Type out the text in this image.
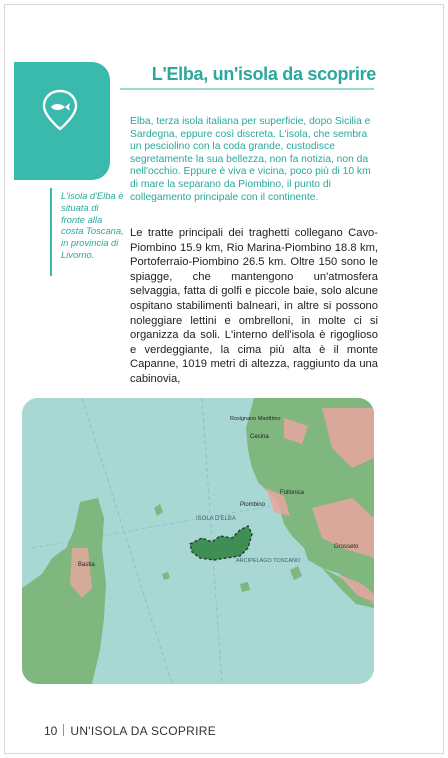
L'Elba, un'isola da scoprire
Elba, terza isola italiana per superficie, dopo Sicilia e Sardegna, eppure così discreta. L'isola, che sembra un pesciolino con la coda grande, custodisce segretamente la sua bellezza, non fa notizia, non da nell'occhio. Eppure è viva e vicina, poco più di 10 km di mare la separano da Piombino, il punto di collegamento principale con il continente.
L'isola d'Elba è situata di fronte alla costa Toscana, in provincia di Livorno.
Le tratte principali dei traghetti collegano Cavo-Piombino 15.9 km, Rio Marina-Piombino 18.8 km, Portoferraio-Piombino 26.5 km. Oltre 150 sono le spiagge, che mantengono un'atmosfera selvaggia, fatta di golfi e piccole baie, solo alcune ospitano stabilimenti balneari, in altre si possono noleggiare lettini e ombrelloni, in molte ci si organizza da soli. L'interno dell'isola è rigoglioso e verdeggiante, la cima più alta è il monte Capanne, 1019 metri di altezza, raggiunto da una cabinovia,
ISOLA D'ELBA
ARCIPELAGO TOSCANO
Piombino
Follonica
Grosseto
Cecina
Rosignano Marittimo
Bastia
10 UN'ISOLA DA SCOPRIRE
